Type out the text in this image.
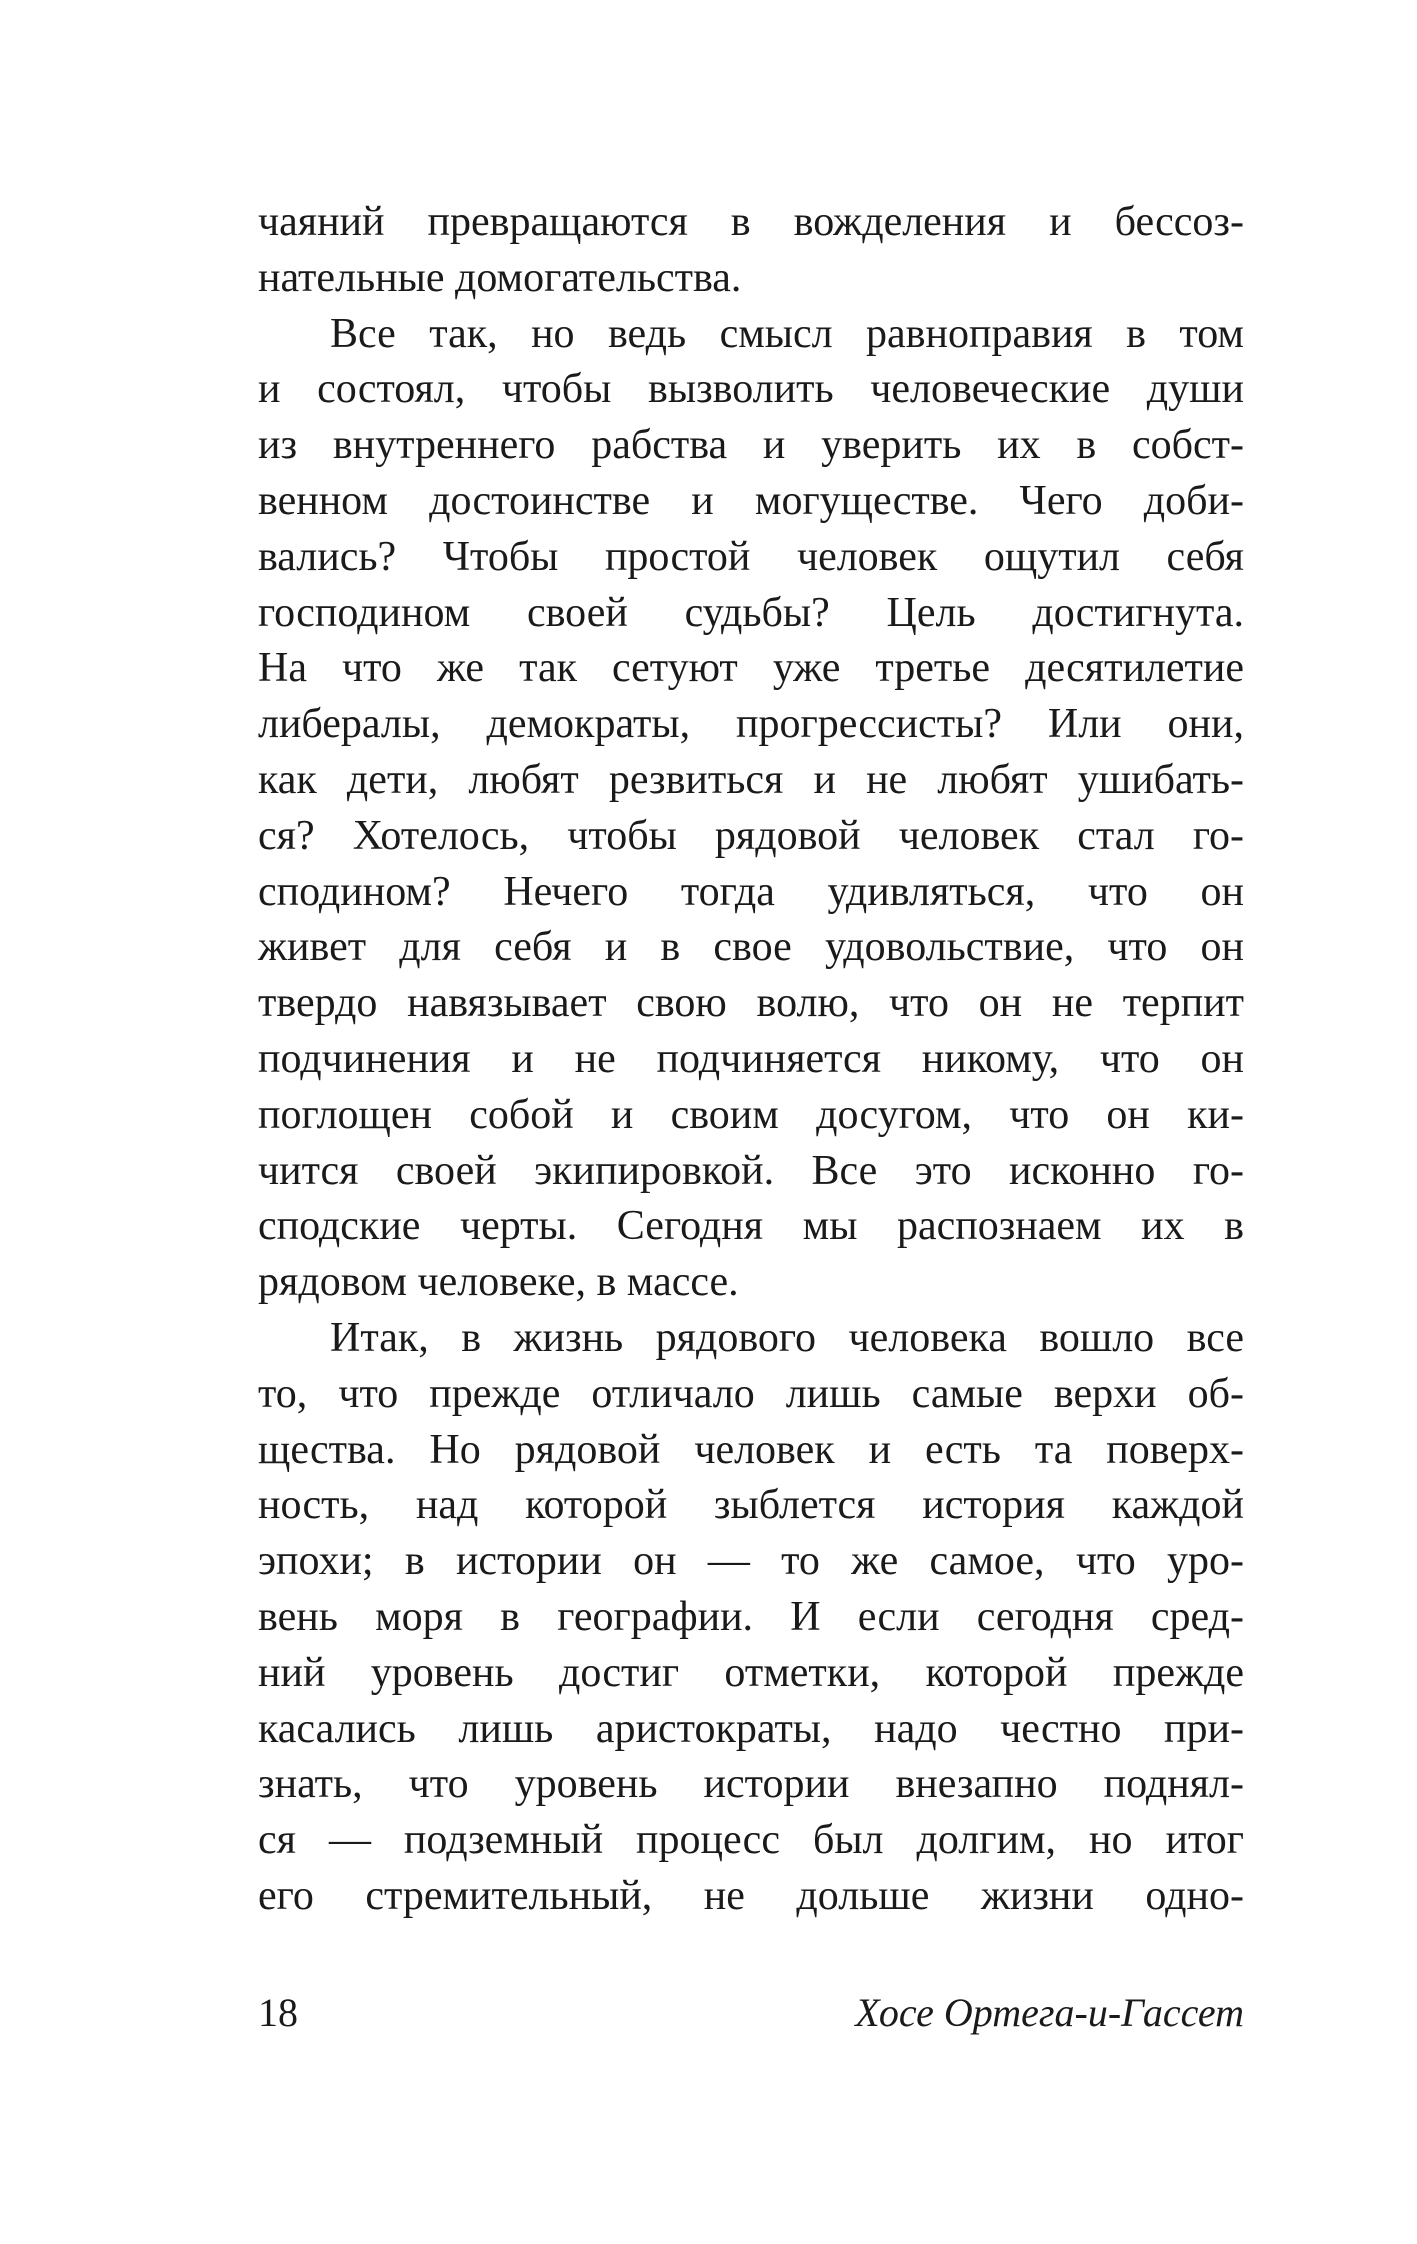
чаяний превращаются в вожделения и бессоз-
нательные домогательства.
Все так, но ведь смысл равноправия в том
и состоял, чтобы вызволить человеческие души
из внутреннего рабства и уверить их в собст-
венном достоинстве и могуществе. Чего доби-
вались? Чтобы простой человек ощутил себя
господином своей судьбы? Цель достигнута.
На что же так сетуют уже третье десятилетие
либералы, демократы, прогрессисты? Или они,
как дети, любят резвиться и не любят ушибать-
ся? Хотелось, чтобы рядовой человек стал го-
сподином? Нечего тогда удивляться, что он
живет для себя и в свое удовольствие, что он
твердо навязывает свою волю, что он не терпит
подчинения и не подчиняется никому, что он
поглощен собой и своим досугом, что он ки-
чится своей экипировкой. Все это исконно го-
сподские черты. Сегодня мы распознаем их в
рядовом человеке, в массе.
Итак, в жизнь рядового человека вошло все
то, что прежде отличало лишь самые верхи об-
щества. Но рядовой человек и есть та поверх-
ность, над которой зыблется история каждой
эпохи; в истории он — то же самое, что уро-
вень моря в географии. И если сегодня сред-
ний уровень достиг отметки, которой прежде
касались лишь аристократы, надо честно при-
знать, что уровень истории внезапно поднял-
ся — подземный процесс был долгим, но итог
его стремительный, не дольше жизни одно-
18	Хосе Ортега-и-Гассет
